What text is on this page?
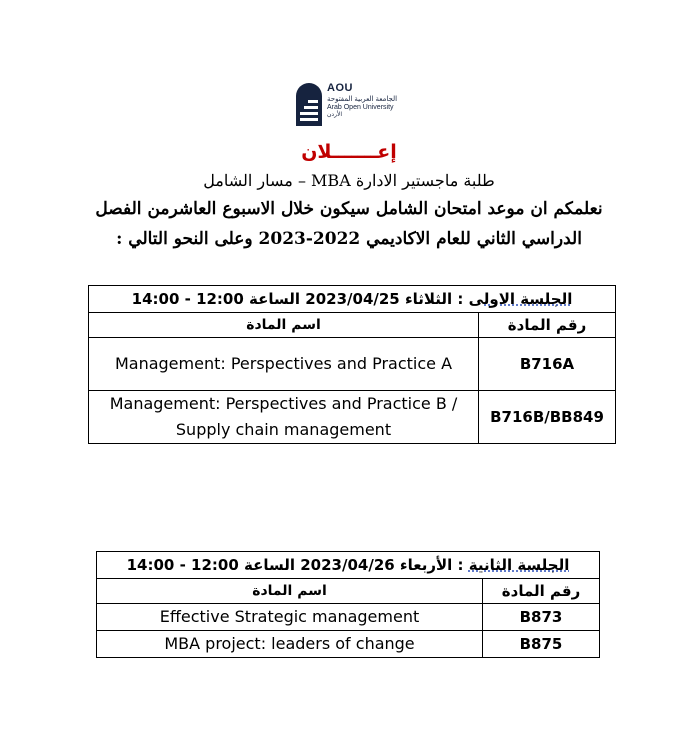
AOU
الجامعة العربية المفتوحة
Arab Open University
الأردن
إعـــــــلان
طلبة ماجستير الادارة MBA – مسار الشامل
نعلمكم ان موعد امتحان الشامل سيكون خلال الاسبوع العاشرمن الفصل
الدراسي الثاني للعام الاكاديمي 2022-2023 وعلى النحو التالي :
الجلسة الاولى : الثلاثاء 2023/04/25 الساعة 12:00 - 14:00	
رقم المادة	اسم المادة
B716A	Management: Perspectives and Practice A
B716B/BB849	Management: Perspectives and Practice B / Supply chain management
الجلسة الثانية : الأربعاء 2023/04/26 الساعة 12:00 - 14:00	
رقم المادة	اسم المادة
B873	Effective Strategic management
B875	MBA project: leaders of change
